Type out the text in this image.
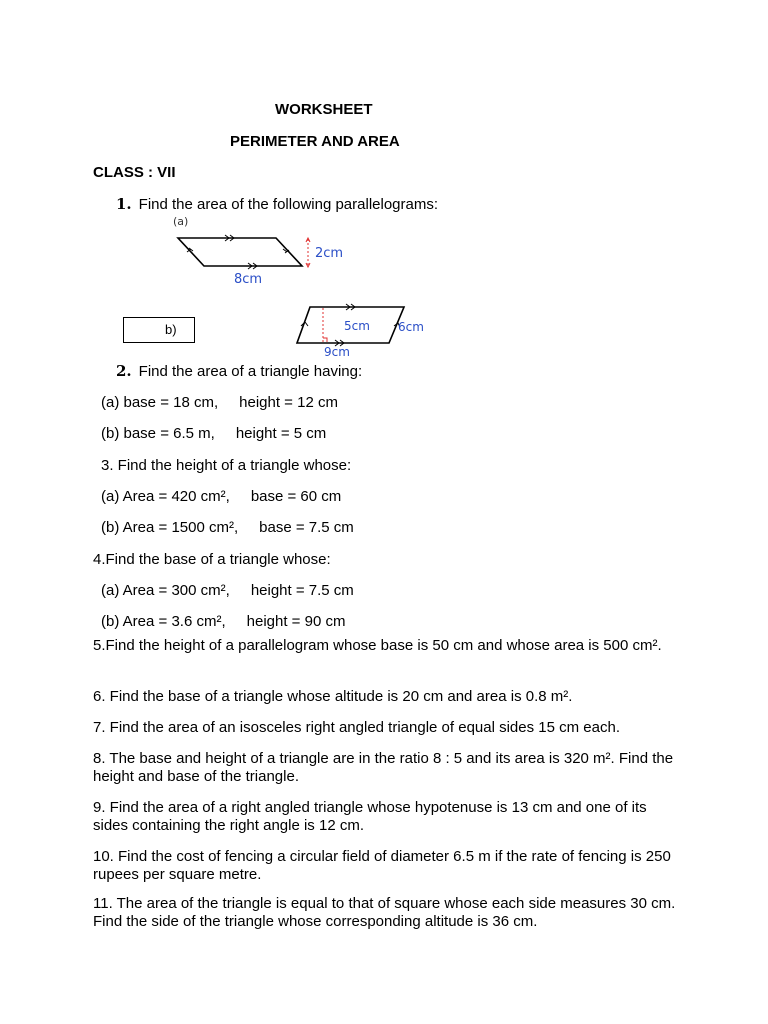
WORKSHEET
PERIMETER AND AREA
CLASS : VII
1. Find the area of the following parallelograms:
(a)
2cm
8cm
b)	5cm 6cm
9cm
2. Find the area of a triangle having:
(a) base = 18 cm, height = 12 cm
(b) base = 6.5 m, height = 5 cm
3. Find the height of a triangle whose:
(a) Area = 420 cm², base = 60 cm
(b) Area = 1500 cm², base = 7.5 cm
4.Find the base of a triangle whose:
(a) Area = 300 cm², height = 7.5 cm
(b) Area = 3.6 cm², height = 90 cm
5.Find the height of a parallelogram whose base is 50 cm and whose area is 500 cm².
6. Find the base of a triangle whose altitude is 20 cm and area is 0.8 m².
7. Find the area of an isosceles right angled triangle of equal sides 15 cm each.
8. The base and height of a triangle are in the ratio 8 : 5 and its area is 320 m². Find the height and base of the triangle.
9. Find the area of a right angled triangle whose hypotenuse is 13 cm and one of its sides containing the right angle is 12 cm.
10. Find the cost of fencing a circular field of diameter 6.5 m if the rate of fencing is 250 rupees per square metre.
11. The area of the triangle is equal to that of square whose each side measures 30 cm. Find the side of the triangle whose corresponding altitude is 36 cm.
